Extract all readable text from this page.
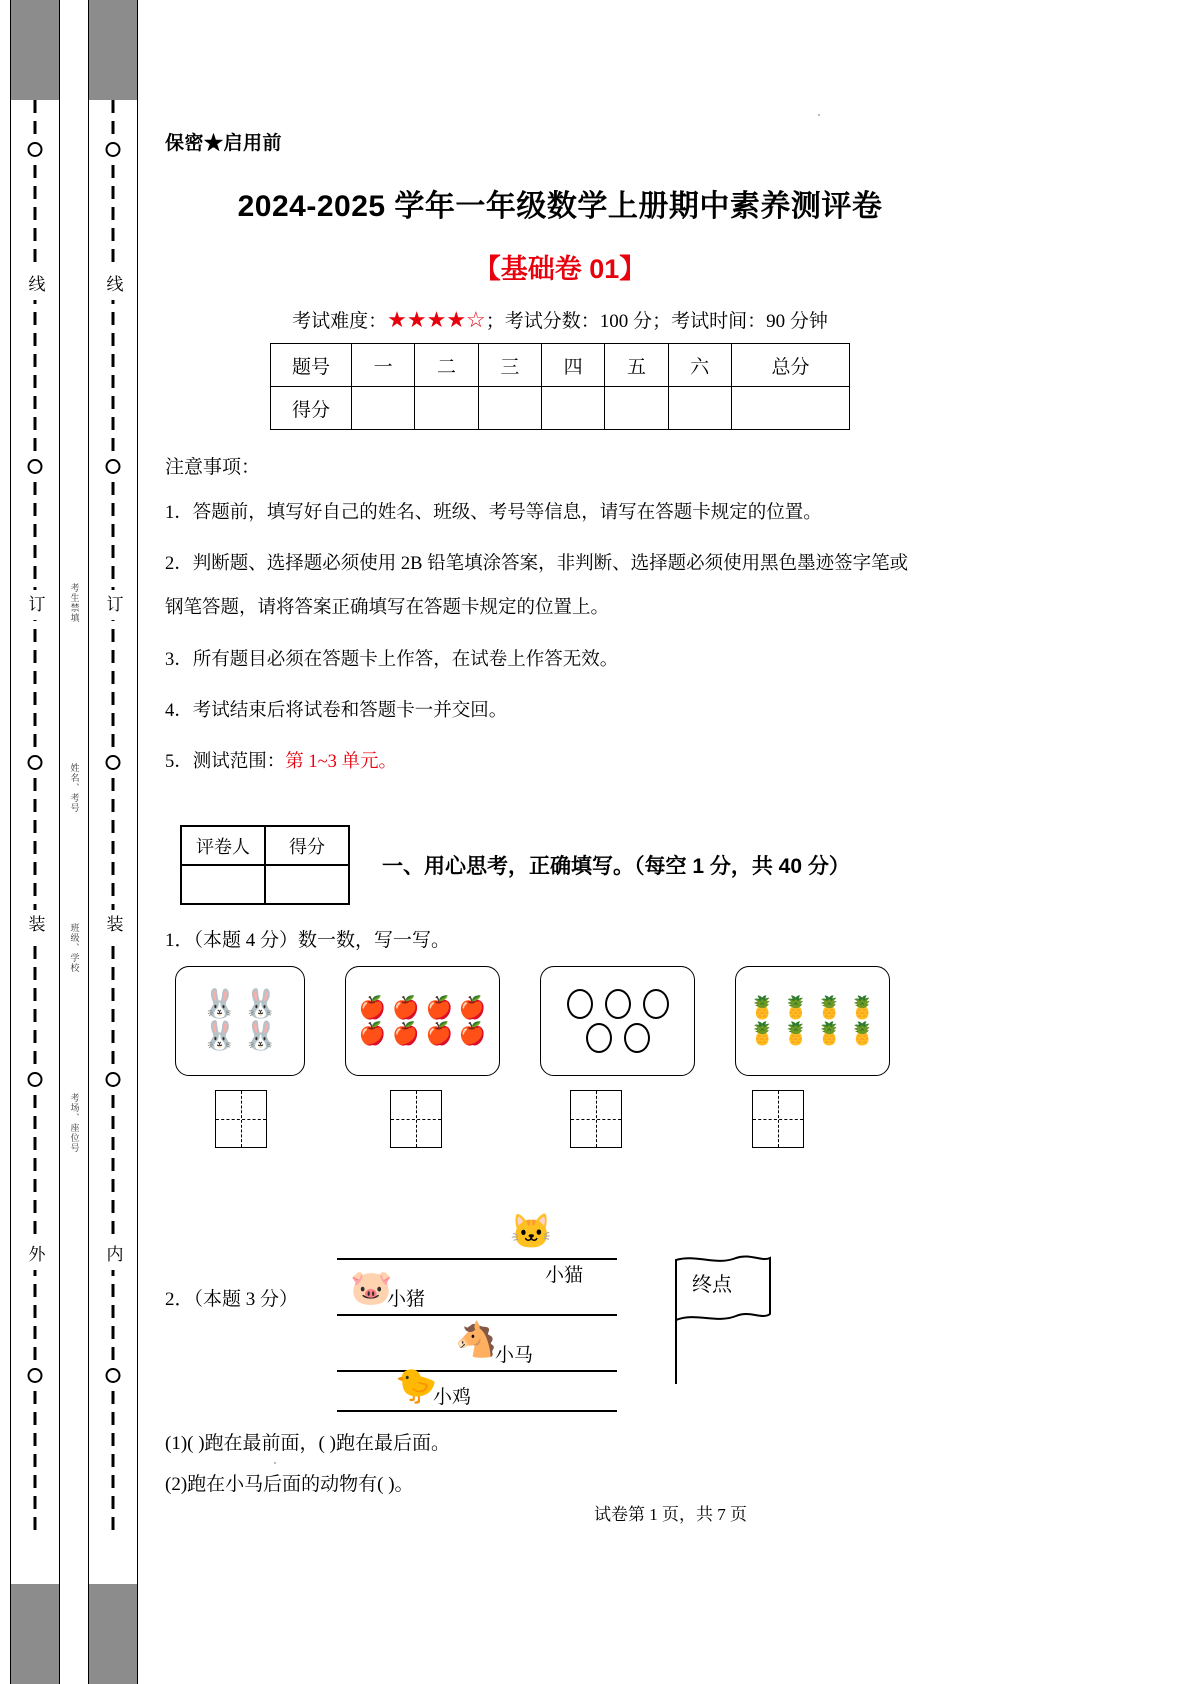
线
订
装
外
线
订
装
内
考生禁填
姓名、考号
班级、学校
考场、座位号
保密★启用前
2024-2025 学年一年级数学上册期中素养测评卷
【基础卷 01】
考试难度：★★★★☆；考试分数：100 分；考试时间：90 分钟
题号	一	二	三	四	五	六	总分
得分							
注意事项：
1．答题前，填写好自己的姓名、班级、考号等信息，请写在答题卡规定的位置。
2．判断题、选择题必须使用 2B 铅笔填涂答案，非判断、选择题必须使用黑色墨迹签字笔或
钢笔答题，请将答案正确填写在答题卡规定的位置上。
3．所有题目必须在答题卡上作答，在试卷上作答无效。
4．考试结束后将试卷和答题卡一并交回。
5．测试范围：第 1~3 单元。
评卷人	得分

一、用心思考，正确填写。（每空 1 分，共 40 分）
1．（本题 4 分）数一数，写一写。
🐰 🐰
🐰 🐰
🍎 🍎 🍎 🍎
🍎 🍎 🍎 🍎
🍍 🍍 🍍 🍍
🍍 🍍 🍍 🍍
2．（本题 3 分）
🐱
小猫
🐷
小猪
🐴
小马
🐤
小鸡
终点
(1)( )跑在最前面，( )跑在最后面。
(2)跑在小马后面的动物有( )。
试卷第 1 页，共 7 页
